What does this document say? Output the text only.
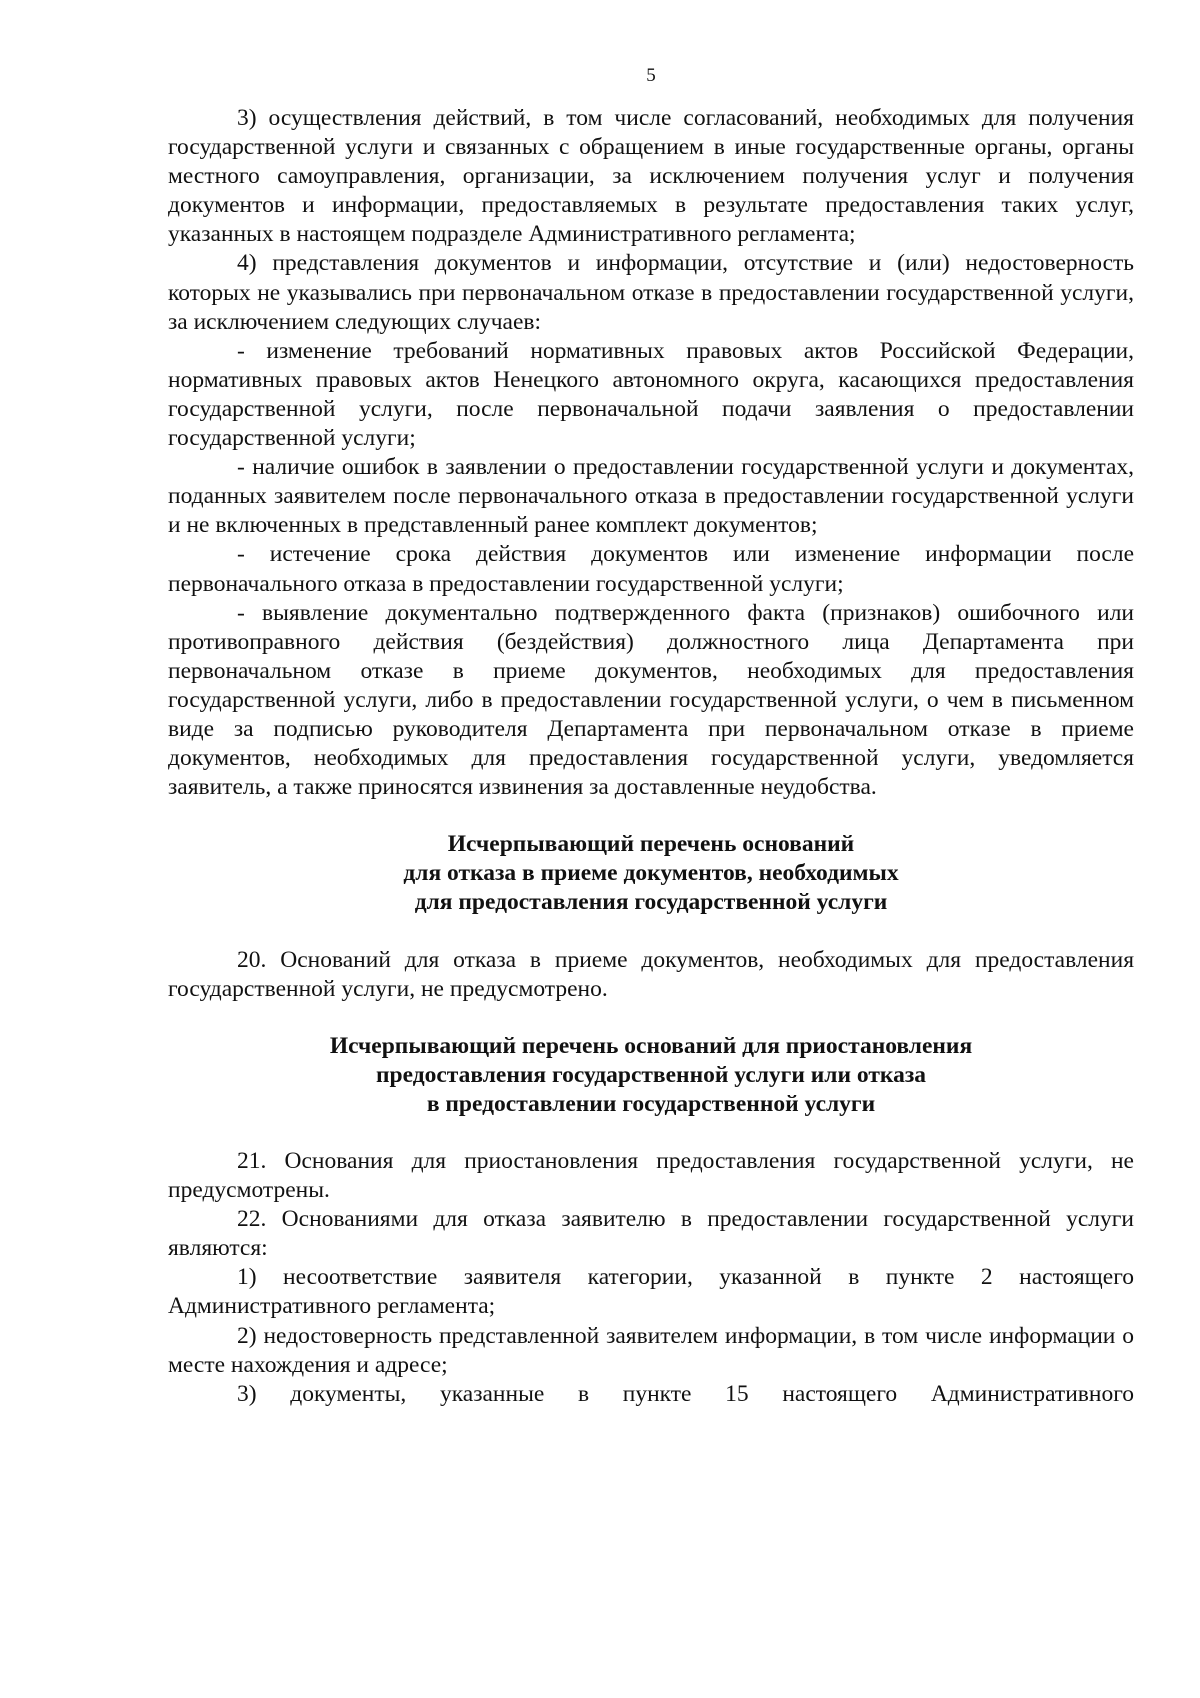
5

3) осуществления действий, в том числе согласований, необходимых для получения государственной услуги и связанных с обращением в иные государственные органы, органы местного самоуправления, организации, за исключением получения услуг и получения документов и информации, предоставляемых в результате предоставления таких услуг, указанных в настоящем подразделе Административного регламента;

4) представления документов и информации, отсутствие и (или) недостоверность которых не указывались при первоначальном отказе в предоставлении государственной услуги, за исключением следующих случаев:

- изменение требований нормативных правовых актов Российской Федерации, нормативных правовых актов Ненецкого автономного округа, касающихся предоставления государственной услуги, после первоначальной подачи заявления о предоставлении государственной услуги;

- наличие ошибок в заявлении о предоставлении государственной услуги и документах, поданных заявителем после первоначального отказа в предоставлении государственной услуги и не включенных в представленный ранее комплект документов;

- истечение срока действия документов или изменение информации после первоначального отказа в предоставлении государственной услуги;

- выявление документально подтвержденного факта (признаков) ошибочного или противоправного действия (бездействия) должностного лица Департамента при первоначальном отказе в приеме документов, необходимых для предоставления государственной услуги, либо в предоставлении государственной услуги, о чем в письменном виде за подписью руководителя Департамента при первоначальном отказе в приеме документов, необходимых для предоставления государственной услуги, уведомляется заявитель, а также приносятся извинения за доставленные неудобства.

Исчерпывающий перечень оснований
для отказа в приеме документов, необходимых
для предоставления государственной услуги

20. Оснований для отказа в приеме документов, необходимых для предоставления государственной услуги, не предусмотрено.

Исчерпывающий перечень оснований для приостановления
предоставления государственной услуги или отказа
в предоставлении государственной услуги

21. Основания для приостановления предоставления государственной услуги, не предусмотрены.

22. Основаниями для отказа заявителю в предоставлении государственной услуги являются:

1) несоответствие заявителя категории, указанной в пункте 2 настоящего Административного регламента;

2) недостоверность представленной заявителем информации, в том числе информации о месте нахождения и адресе;

3) документы, указанные в пункте 15 настоящего Административного
